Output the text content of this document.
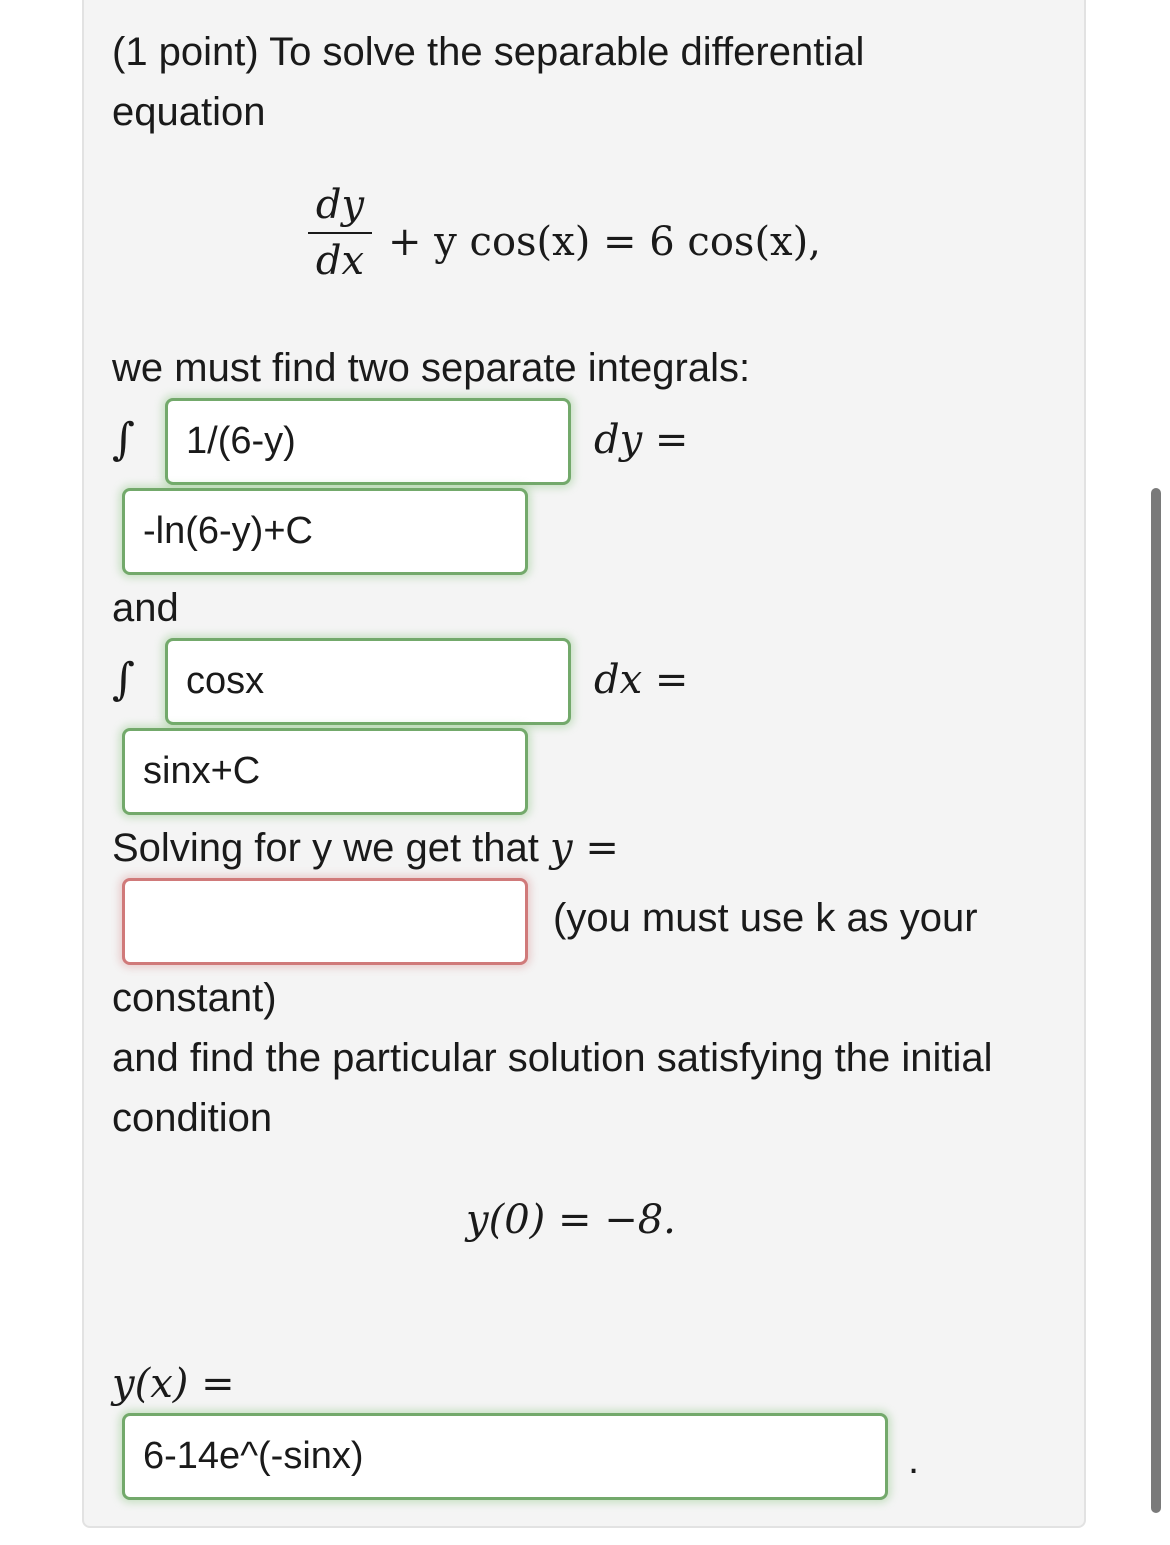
(1 point) To solve the separable differential
equation
dy
dx + y cos(x) = 6 cos(x),
we must find two separate integrals:
∫	1/(6-y)	dy =
-ln(6-y)+C
and
∫	cosx	dx =
sinx+C
Solving for y we get that y =
(you must use k as your
constant)
and find the particular solution satisfying the initial
condition
y(0) = −8.
y(x) =
6-14e^(-sinx)	.
